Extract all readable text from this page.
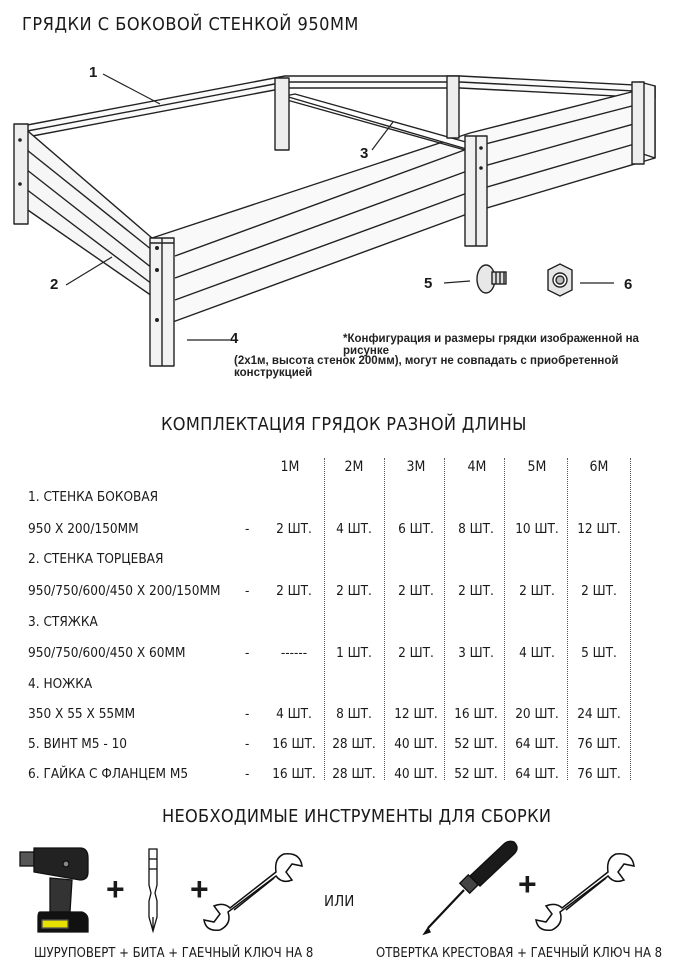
ГРЯДКИ С БОКОВОЙ СТЕНКОЙ 950ММ
1
2
3
4
5	6
*Конфигурация и размеры грядки изображенной на рисунке
(2х1м, высота стенок 200мм), могут не совпадать с приобретенной конструкцией
КОМПЛЕКТАЦИЯ ГРЯДОК РАЗНОЙ ДЛИНЫ
1М	2М	3М	4М	5М	6М
1. СТЕНКА БОКОВАЯ
950 Х 200/150ММ	-	2 ШТ.	4 ШТ.	6 ШТ.	8 ШТ.	10 ШТ.	12 ШТ.
2. СТЕНКА ТОРЦЕВАЯ
950/750/600/450 Х 200/150ММ -	2 ШТ.	2 ШТ.	2 ШТ.	2 ШТ.	2 ШТ.	2 ШТ.
3. СТЯЖКА
950/750/600/450 Х 60ММ	-	------	1 ШТ.	2 ШТ.	3 ШТ.	4 ШТ.	5 ШТ.
4. НОЖКА
350 Х 55 Х 55ММ	-	4 ШТ.	8 ШТ.	12 ШТ.	16 ШТ.	20 ШТ.	24 ШТ.
5. ВИНТ М5 - 10	-	16 ШТ.	28 ШТ.	40 ШТ.	52 ШТ.	64 ШТ.	76 ШТ.
6. ГАЙКА С ФЛАНЦЕМ М5	-	16 ШТ.	28 ШТ.	40 ШТ.	52 ШТ.	64 ШТ.	76 ШТ.
НЕОБХОДИМЫЕ ИНСТРУМЕНТЫ ДЛЯ СБОРКИ
+ +	ИЛИ	+
ШУРУПОВЕРТ + БИТА + ГАЕЧНЫЙ КЛЮЧ НА 8	ОТВЕРТКА КРЕСТОВАЯ + ГАЕЧНЫЙ КЛЮЧ НА 8
